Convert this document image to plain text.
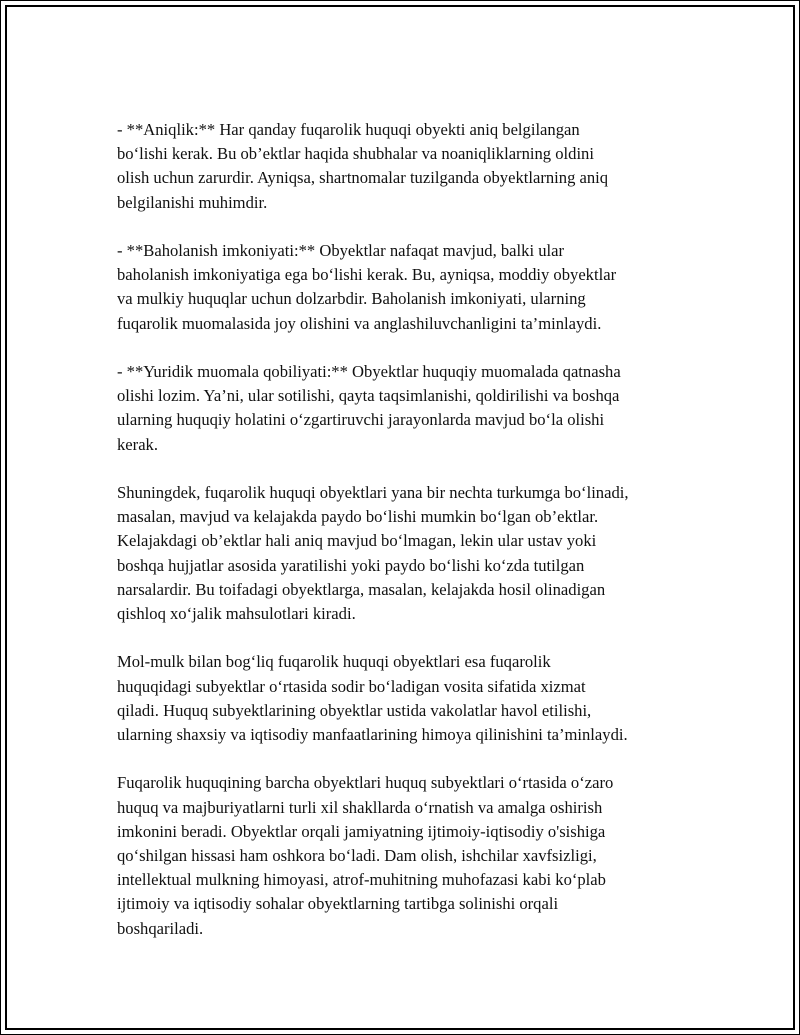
- **Aniqlik:** Har qanday fuqarolik huquqi obyekti aniq belgilangan
bo‘lishi kerak. Bu ob’ektlar haqida shubhalar va noaniqliklarning oldini
olish uchun zarurdir. Ayniqsa, shartnomalar tuzilganda obyektlarning aniq
belgilanishi muhimdir.

- **Baholanish imkoniyati:** Obyektlar nafaqat mavjud, balki ular
baholanish imkoniyatiga ega bo‘lishi kerak. Bu, ayniqsa, moddiy obyektlar
va mulkiy huquqlar uchun dolzarbdir. Baholanish imkoniyati, ularning
fuqarolik muomalasida joy olishini va anglashiluvchanligini ta’minlaydi.

- **Yuridik muomala qobiliyati:** Obyektlar huquqiy muomalada qatnasha
olishi lozim. Ya’ni, ular sotilishi, qayta taqsimlanishi, qoldirilishi va boshqa
ularning huquqiy holatini o‘zgartiruvchi jarayonlarda mavjud bo‘la olishi
kerak.

Shuningdek, fuqarolik huquqi obyektlari yana bir nechta turkumga bo‘linadi,
masalan, mavjud va kelajakda paydo bo‘lishi mumkin bo‘lgan ob’ektlar.
Kelajakdagi ob’ektlar hali aniq mavjud bo‘lmagan, lekin ular ustav yoki
boshqa hujjatlar asosida yaratilishi yoki paydo bo‘lishi ko‘zda tutilgan
narsalardir. Bu toifadagi obyektlarga, masalan, kelajakda hosil olinadigan
qishloq xo‘jalik mahsulotlari kiradi.

Mol-mulk bilan bog‘liq fuqarolik huquqi obyektlari esa fuqarolik
huquqidagi subyektlar o‘rtasida sodir bo‘ladigan vosita sifatida xizmat
qiladi. Huquq subyektlarining obyektlar ustida vakolatlar havol etilishi,
ularning shaxsiy va iqtisodiy manfaatlarining himoya qilinishini ta’minlaydi.

Fuqarolik huquqining barcha obyektlari huquq subyektlari o‘rtasida o‘zaro
huquq va majburiyatlarni turli xil shakllarda o‘rnatish va amalga oshirish
imkonini beradi. Obyektlar orqali jamiyatning ijtimoiy-iqtisodiy o'sishiga
qo‘shilgan hissasi ham oshkora bo‘ladi. Dam olish, ishchilar xavfsizligi,
intellektual mulkning himoyasi, atrof-muhitning muhofazasi kabi ko‘plab
ijtimoiy va iqtisodiy sohalar obyektlarning tartibga solinishi orqali
boshqariladi.
